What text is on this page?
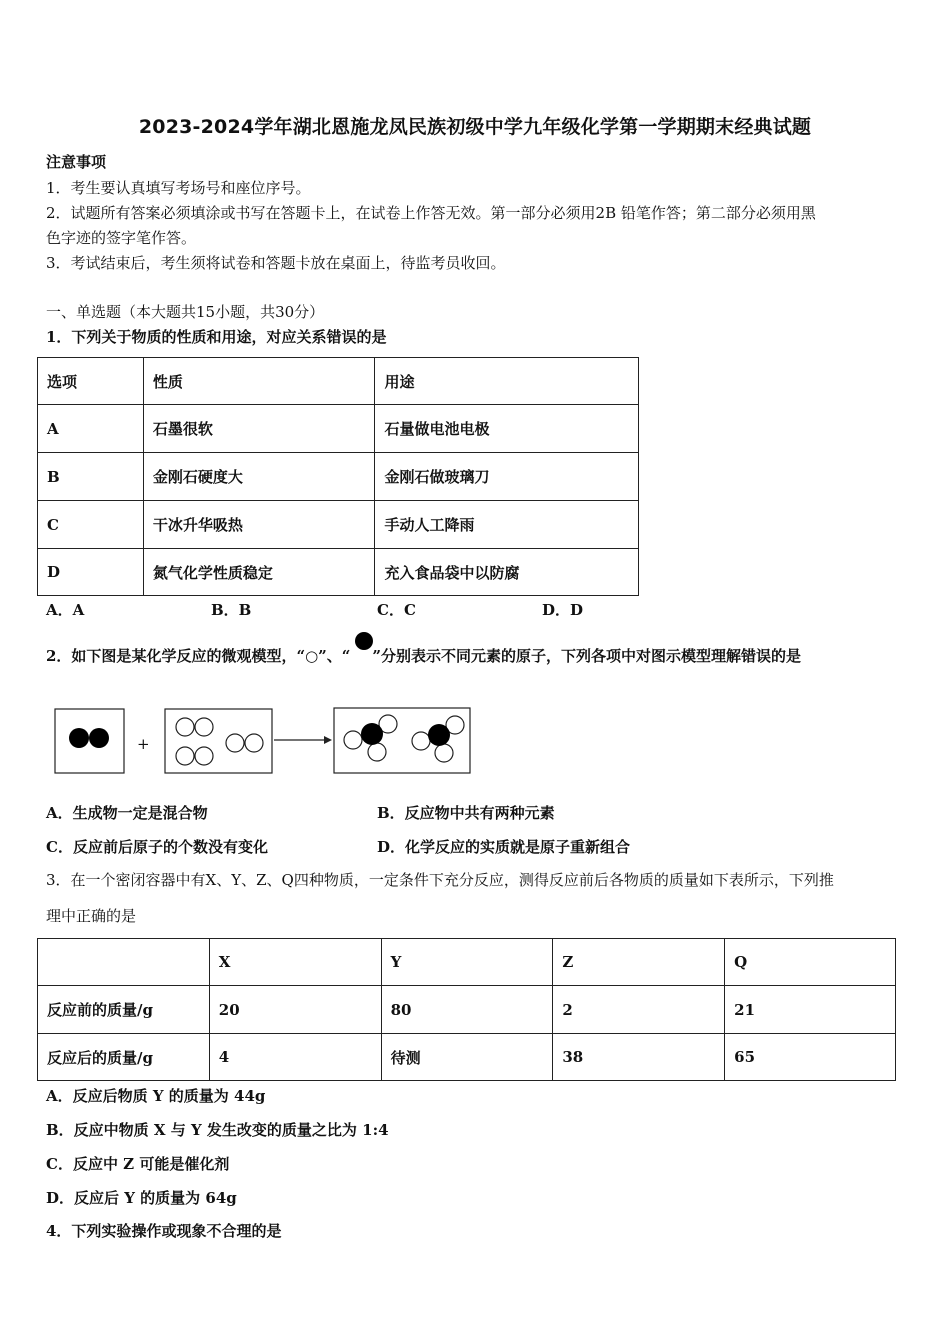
2023-2024学年湖北恩施龙凤民族初级中学九年级化学第一学期期末经典试题
注意事项
1．考生要认真填写考场号和座位序号。
2．试题所有答案必须填涂或书写在答题卡上，在试卷上作答无效。第一部分必须用2B 铅笔作答；第二部分必须用黑
色字迹的签字笔作答。
3．考试结束后，考生须将试卷和答题卡放在桌面上，待监考员收回。
一、单选题（本大题共15小题，共30分）
1．下列关于物质的性质和用途，对应关系错误的是
选项	性质	用途
A	石墨很软	石量做电池电极
B	金刚石硬度大	金刚石做玻璃刀
C	干冰升华吸热	手动人工降雨
D	氮气化学性质稳定	充入食品袋中以防腐
A．A	B．B	C．C	D．D
2．如下图是某化学反应的微观模型，“○”、“ ”分别表示不同元素的原子，下列各项中对图示模型理解错误的是
+
A．生成物一定是混合物	B．反应物中共有两种元素
C．反应前后原子的个数没有变化	D．化学反应的实质就是原子重新组合
3．在一个密闭容器中有X、Y、Z、Q四种物质，一定条件下充分反应，测得反应前后各物质的质量如下表所示，下列推
理中正确的是
	X	Y	Z	Q
反应前的质量/g	20	80	2	21
反应后的质量/g	4	待测	38	65
A．反应后物质 Y 的质量为 44g
B．反应中物质 X 与 Y 发生改变的质量之比为 1:4
C．反应中 Z 可能是催化剂
D．反应后 Y 的质量为 64g
4．下列实验操作或现象不合理的是
